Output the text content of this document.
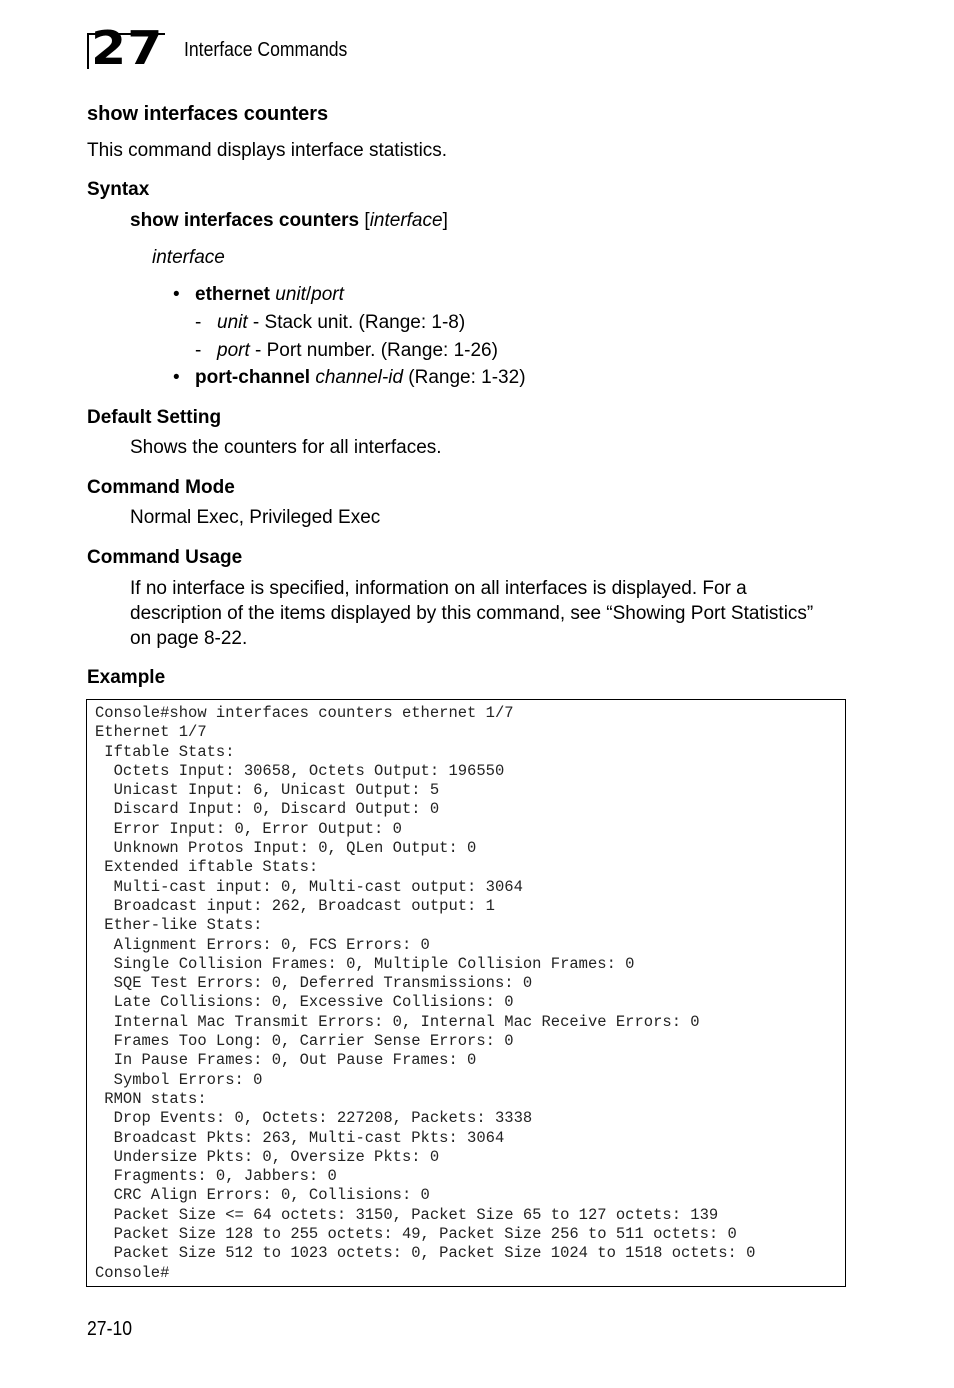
27 Interface Commands
show interfaces counters
This command displays interface statistics.
Syntax
show interfaces counters [interface]
interface
• ethernet unit/port
- unit - Stack unit. (Range: 1-8)
- port - Port number. (Range: 1-26)
• port-channel channel-id (Range: 1-32)
Default Setting
Shows the counters for all interfaces.
Command Mode
Normal Exec, Privileged Exec
Command Usage
If no interface is specified, information on all interfaces is displayed. For a description of the items displayed by this command, see “Showing Port Statistics” on page 8-22.
Example
Console#show interfaces counters ethernet 1/7
Ethernet 1/7
Iftable Stats:
Octets Input: 30658, Octets Output: 196550
Unicast Input: 6, Unicast Output: 5
Discard Input: 0, Discard Output: 0
Error Input: 0, Error Output: 0
Unknown Protos Input: 0, QLen Output: 0
Extended iftable Stats:
Multi-cast input: 0, Multi-cast output: 3064
Broadcast input: 262, Broadcast output: 1
Ether-like Stats:
Alignment Errors: 0, FCS Errors: 0
Single Collision Frames: 0, Multiple Collision Frames: 0
SQE Test Errors: 0, Deferred Transmissions: 0
Late Collisions: 0, Excessive Collisions: 0
Internal Mac Transmit Errors: 0, Internal Mac Receive Errors: 0
Frames Too Long: 0, Carrier Sense Errors: 0
In Pause Frames: 0, Out Pause Frames: 0
Symbol Errors: 0
RMON stats:
Drop Events: 0, Octets: 227208, Packets: 3338
Broadcast Pkts: 263, Multi-cast Pkts: 3064
Undersize Pkts: 0, Oversize Pkts: 0
Fragments: 0, Jabbers: 0
CRC Align Errors: 0, Collisions: 0
Packet Size <= 64 octets: 3150, Packet Size 65 to 127 octets: 139
Packet Size 128 to 255 octets: 49, Packet Size 256 to 511 octets: 0
Packet Size 512 to 1023 octets: 0, Packet Size 1024 to 1518 octets: 0
Console#
27-10
